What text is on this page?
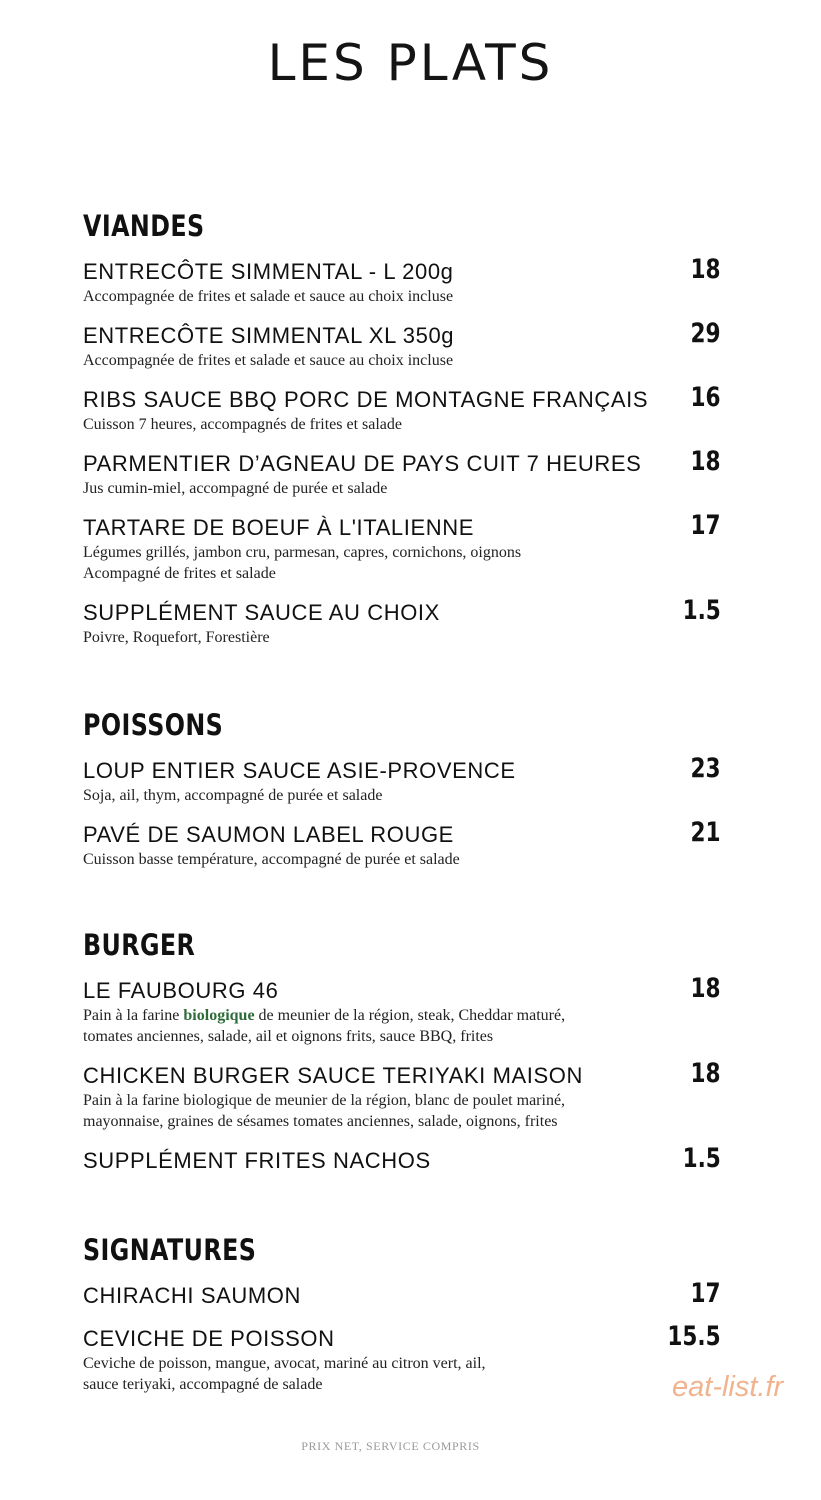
LES PLATS
VIANDES
ENTRECÔTE SIMMENTAL - L 200g	18
Accompagnée de frites et salade et sauce au choix incluse
ENTRECÔTE SIMMENTAL XL 350g	29
Accompagnée de frites et salade et sauce au choix incluse
RIBS SAUCE BBQ PORC DE MONTAGNE FRANÇAIS 16
Cuisson 7 heures, accompagnés de frites et salade
PARMENTIER D’AGNEAU DE PAYS CUIT 7 HEURES 18
Jus cumin-miel, accompagné de purée et salade
TARTARE DE BOEUF À L'ITALIENNE	17
Légumes grillés, jambon cru, parmesan, capres, cornichons, oignons
Acompagné de frites et salade
SUPPLÉMENT SAUCE AU CHOIX	1.5
Poivre, Roquefort, Forestière
POISSONS
LOUP ENTIER SAUCE ASIE-PROVENCE	23
Soja, ail, thym, accompagné de purée et salade
PAVÉ DE SAUMON LABEL ROUGE	21
Cuisson basse température, accompagné de purée et salade
BURGER
LE FAUBOURG 46	18
Pain à la farine biologique de meunier de la région, steak, Cheddar maturé,
tomates anciennes, salade, ail et oignons frits, sauce BBQ, frites
CHICKEN BURGER SAUCE TERIYAKI MAISON	18
Pain à la farine biologique de meunier de la région, blanc de poulet mariné,
mayonnaise, graines de sésames tomates anciennes, salade, oignons, frites
SUPPLÉMENT FRITES NACHOS	1.5
SIGNATURES
CHIRACHI SAUMON	17
CEVICHE DE POISSON	15.5
Ceviche de poisson, mangue, avocat, mariné au citron vert, ail,
sauce teriyaki, accompagné de salade	eat-list.fr
PRIX NET, SERVICE COMPRIS
